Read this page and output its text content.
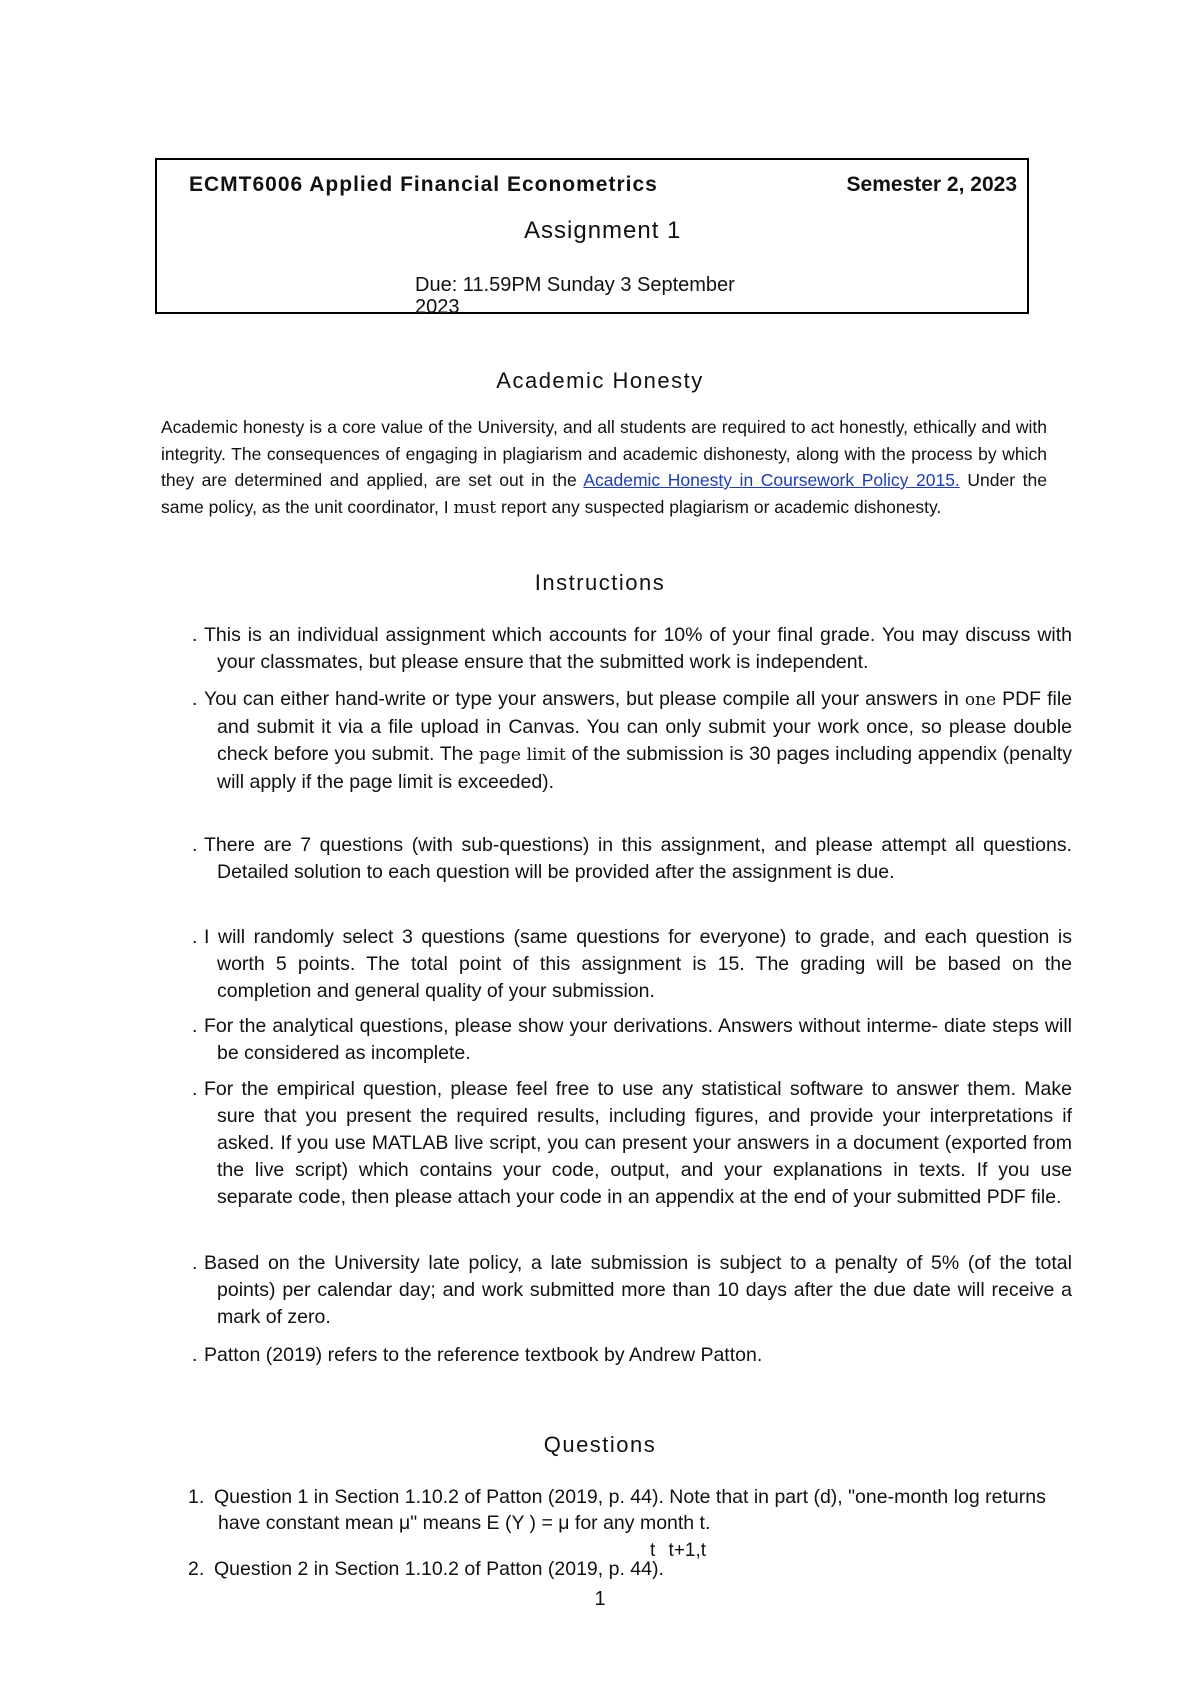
ECMT6006 Applied Financial Econometrics	Semester 2, 2023
Assignment 1
Due: 11.59PM Sunday 3 September 2023
Academic Honesty
Academic honesty is a core value of the University, and all students are required to act honestly, ethically and with integrity. The consequences of engaging in plagiarism and academic dishonesty, along with the process by which they are determined and applied, are set out in the Academic Honesty in Coursework Policy 2015. Under the same policy, as the unit coordinator, I must report any suspected plagiarism or academic dishonesty.
Instructions
. This is an individual assignment which accounts for 10% of your final grade. You may discuss with your classmates, but please ensure that the submitted work is independent.
. You can either hand-write or type your answers, but please compile all your answers in one PDF file and submit it via a file upload in Canvas. You can only submit your work once, so please double check before you submit. The page limit of the submission is 30 pages including appendix (penalty will apply if the page limit is exceeded).
. There are 7 questions (with sub-questions) in this assignment, and please attempt all questions. Detailed solution to each question will be provided after the assignment is due.
. I will randomly select 3 questions (same questions for everyone) to grade, and each question is worth 5 points. The total point of this assignment is 15. The grading will be based on the completion and general quality of your submission.
. For the analytical questions, please show your derivations. Answers without interme- diate steps will be considered as incomplete.
. For the empirical question, please feel free to use any statistical software to answer them. Make sure that you present the required results, including figures, and provide your interpretations if asked. If you use MATLAB live script, you can present your answers in a document (exported from the live script) which contains your code, output, and your explanations in texts. If you use separate code, then please attach your code in an appendix at the end of your submitted PDF file.
. Based on the University late policy, a late submission is subject to a penalty of 5% (of the total points) per calendar day; and work submitted more than 10 days after the due date will receive a mark of zero.
. Patton (2019) refers to the reference textbook by Andrew Patton.
Questions
1. Question 1 in Section 1.10.2 of Patton (2019, p. 44). Note that in part (d), "one-month log returns have constant mean μ" means E (Y ) = μ for any month t.
t t+1,t
2. Question 2 in Section 1.10.2 of Patton (2019, p. 44).
1
